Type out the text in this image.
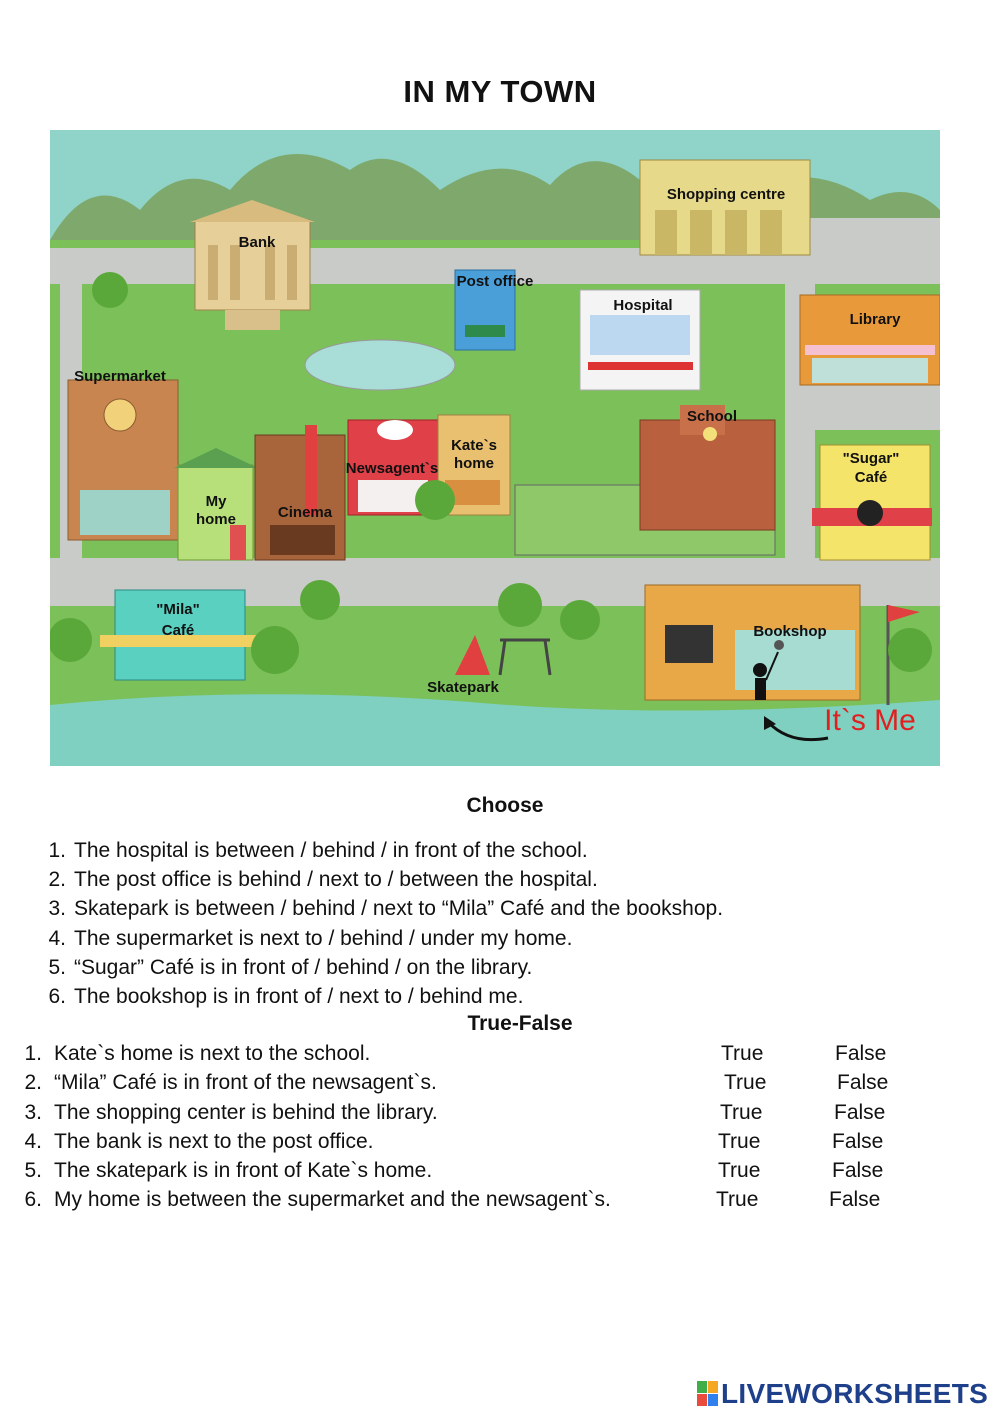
IN MY TOWN
Bank
Post office
Shopping centre
Hospital
Library
Supermarket
School
Kate`s
home
Newsagent`s
My
home	Cinema
"Sugar"
Café
"Mila"
Café	Bookshop
Skatepark
It`s Me
Choose
1. The hospital is between / behind / in front of the school.
2. The post office is behind / next to / between the hospital.
3. Skatepark is between / behind / next to “Mila” Café and the bookshop.
4. The supermarket is next to / behind / under my home.
5. “Sugar” Café is in front of / behind / on the library.
6. The bookshop is in front of / next to / behind me.
True-False
1. Kate`s home is next to the school.	True	False
2. “Mila” Café is in front of the newsagent`s.	True	False
3. The shopping center is behind the library.	True	False
4. The bank is next to the post office.	True	False
5. The skatepark is in front of Kate`s home.	True	False
6. My home is between the supermarket and the newsagent`s.	True	False
LIVEWORKSHEETS
